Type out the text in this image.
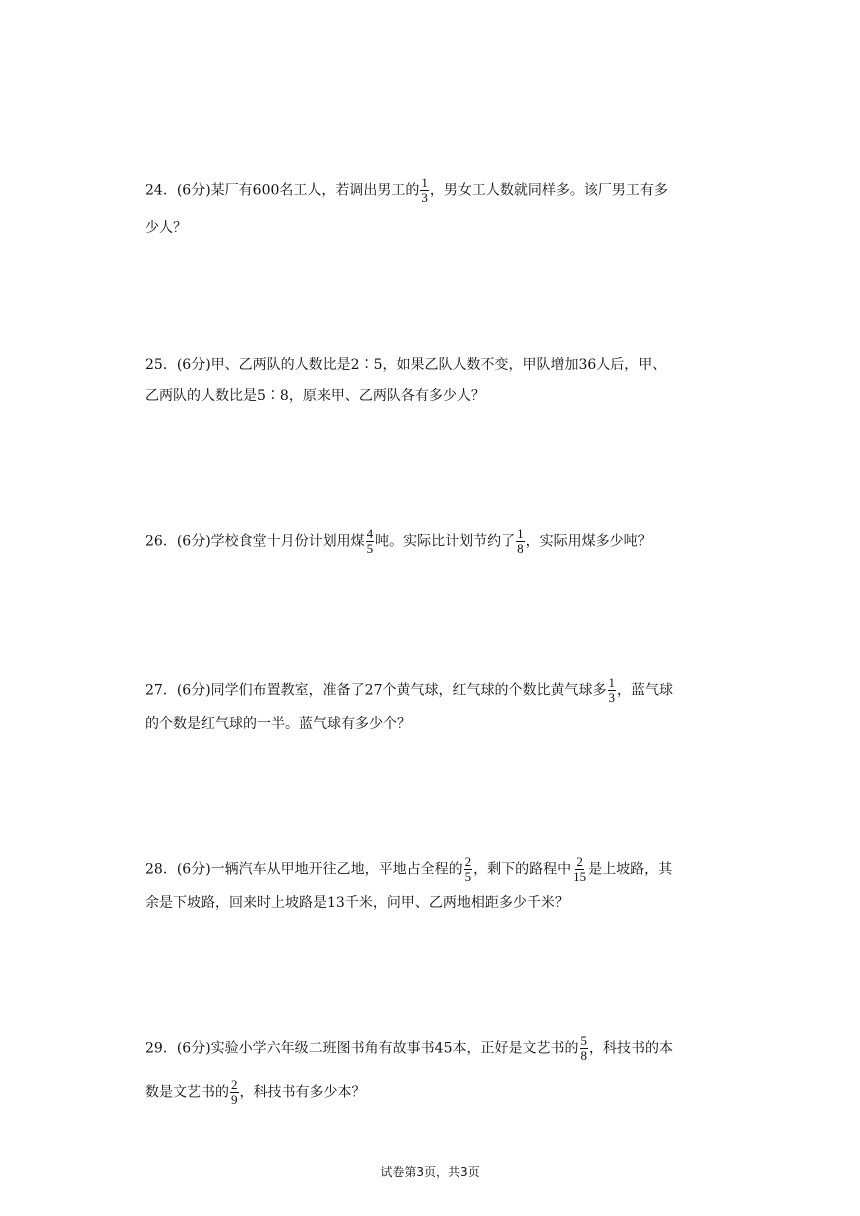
24．(6分)某厂有600名工人，若调出男工的 $\frac{1}{3}$ ，男女工人数就同样多。该厂男工有多
少人？
25．(6分)甲、乙两队的人数比是2∶5，如果乙队人数不变，甲队增加36人后，甲、
乙两队的人数比是5∶8，原来甲、乙两队各有多少人？
26．(6分)学校食堂十月份计划用煤 $\frac{4}{5}$ 吨。实际比计划节约了 $\frac{1}{8}$ ，实际用煤多少吨？
27．(6分)同学们布置教室，准备了27个黄气球，红气球的个数比黄气球多 $\frac{1}{3}$ ，蓝气球
的个数是红气球的一半。蓝气球有多少个？
28．(6分)一辆汽车从甲地开往乙地，平地占全程的 $\frac{2}{5}$ ，剩下的路程中 $\frac{2}{15}$ 是上坡路，其
余是下坡路，回来时上坡路是13千米，问甲、乙两地相距多少千米？
29．(6分)实验小学六年级二班图书角有故事书45本，正好是文艺书的 $\frac{5}{8}$ ，科技书的本
数是文艺书的 $\frac{2}{9}$ ，科技书有多少本？
试卷第3页，共3页
